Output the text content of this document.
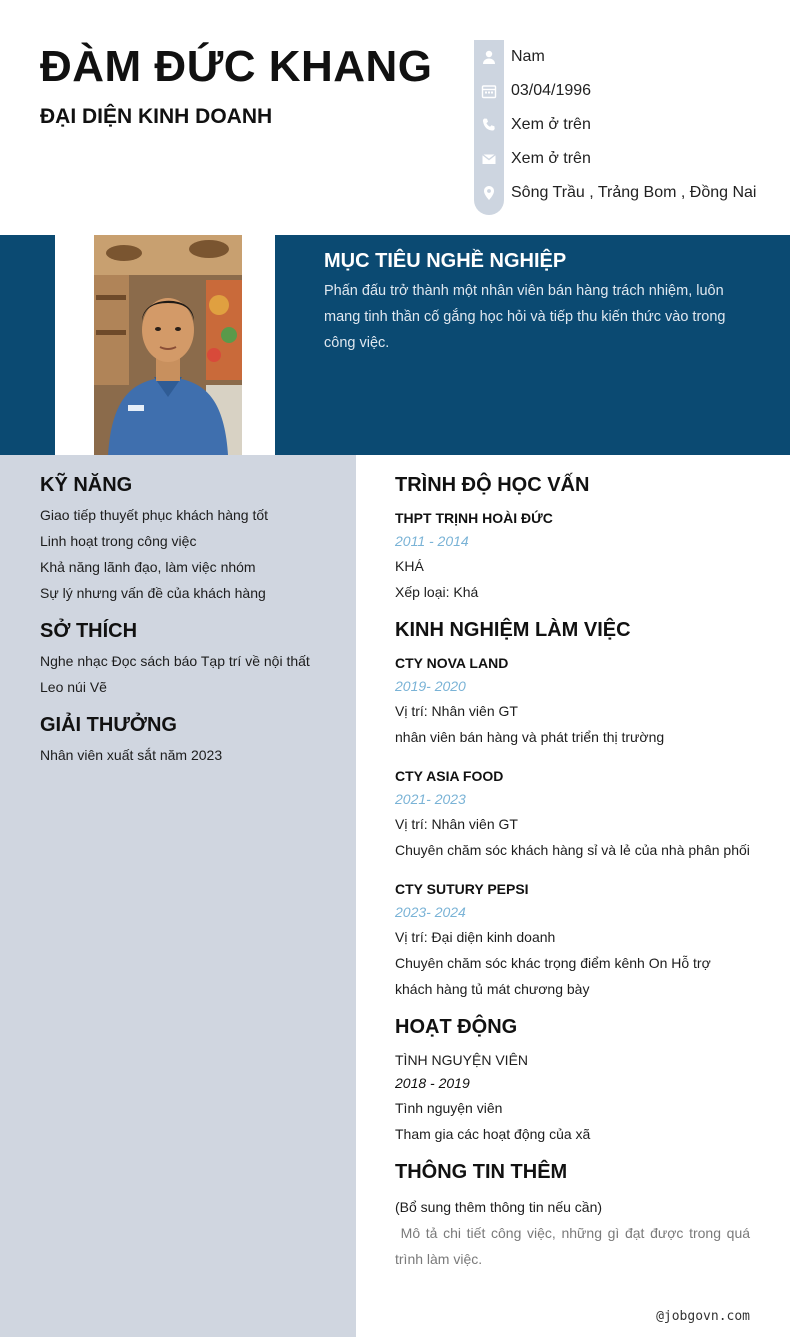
ĐÀM ĐỨC KHANG
ĐẠI DIỆN KINH DOANH
Nam
03/04/1996
Xem ở trên
Xem ở trên
Sông Trầu , Trảng Bom , Đồng Nai
MỤC TIÊU NGHỀ NGHIỆP
Phấn đấu trở thành một nhân viên bán hàng trách nhiệm, luôn mang tinh thần cố gắng học hỏi và tiếp thu kiến thức vào trong công việc.
KỸ NĂNG
Giao tiếp thuyết phục khách hàng tốt
Linh hoạt trong công việc
Khả năng lãnh đạo, làm việc nhóm
Sự lý nhưng vấn đề của khách hàng
SỞ THÍCH
Nghe nhạc Đọc sách báo Tạp trí về nội thất
Leo núi Vẽ
GIẢI THƯỞNG
Nhân viên xuất sắt năm 2023
TRÌNH ĐỘ HỌC VẤN
THPT TRỊNH HOÀI ĐỨC
2011 - 2014
KHÁ
Xếp loại: Khá
KINH NGHIỆM LÀM VIỆC
CTY NOVA LAND
2019- 2020
Vị trí: Nhân viên GT
nhân viên bán hàng và phát triển thị trường
CTY ASIA FOOD
2021- 2023
Vị trí: Nhân viên GT
Chuyên chăm sóc khách hàng sỉ và lẻ của nhà phân phối
CTY SUTURY PEPSI
2023- 2024
Vị trí: Đại diện kinh doanh
Chuyên chăm sóc khác trọng điểm kênh On Hỗ trợ khách hàng tủ mát chương bày
HOẠT ĐỘNG
TÌNH NGUYỆN VIÊN
2018 - 2019
Tình nguyện viên
Tham gia các hoạt động của xã
THÔNG TIN THÊM
(Bổ sung thêm thông tin nếu cần)
Mô tả chi tiết công việc, những gì đạt được trong quá trình làm việc.
@jobgovn.com
